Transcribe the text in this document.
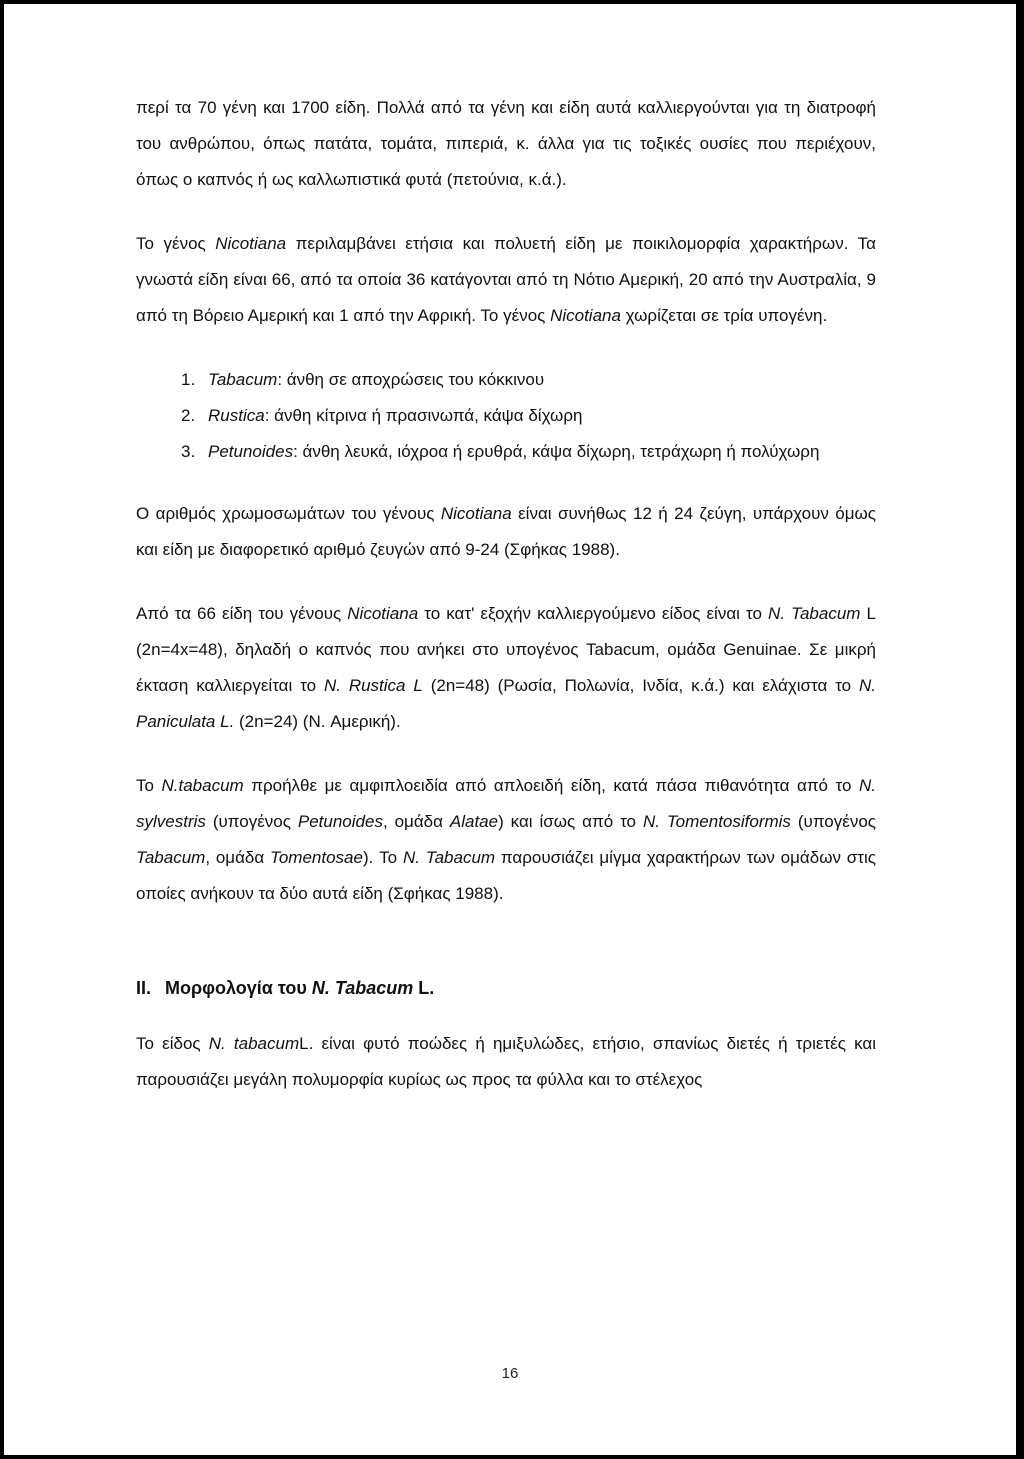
περί τα 70 γένη και 1700 είδη. Πολλά από τα γένη και είδη αυτά καλλιεργούνται για τη διατροφή του ανθρώπου, όπως πατάτα, τομάτα, πιπεριά, κ. άλλα για τις τοξικές ουσίες που περιέχουν, όπως ο καπνός ή ως καλλωπιστικά φυτά (πετούνια, κ.ά.).

Το γένος Nicotiana περιλαμβάνει ετήσια και πολυετή είδη με ποικιλομορφία χαρακτήρων. Τα γνωστά είδη είναι 66, από τα οποία 36 κατάγονται από τη Νότιο Αμερική, 20 από την Αυστραλία, 9 από τη Βόρειο Αμερική και 1 από την Αφρική. Το γένος Nicotiana χωρίζεται σε τρία υπογένη.

1. Tabacum: άνθη σε αποχρώσεις του κόκκινου
2. Rustica: άνθη κίτρινα ή πρασινωπά, κάψα δίχωρη
3. Petunoides: άνθη λευκά, ιόχροα ή ερυθρά, κάψα δίχωρη, τετράχωρη ή πολύχωρη

Ο αριθμός χρωμοσωμάτων του γένους Nicotiana είναι συνήθως 12 ή 24 ζεύγη, υπάρχουν όμως και είδη με διαφορετικό αριθμό ζευγών από 9-24 (Σφήκας 1988).

Από τα 66 είδη του γένους Nicotiana το κατ' εξοχήν καλλιεργούμενο είδος είναι το N. Tabacum L (2n=4x=48), δηλαδή ο καπνός που ανήκει στο υπογένος Tabacum, ομάδα Genuinae. Σε μικρή έκταση καλλιεργείται το N. Rustica L (2n=48) (Ρωσία, Πολωνία, Ινδία, κ.ά.) και ελάχιστα το N. Paniculata L. (2n=24) (N. Αμερική).

Το N.tabacum προήλθε με αμφιπλοειδία από απλοειδή είδη, κατά πάσα πιθανότητα από το N. sylvestris (υπογένος Petunoides, ομάδα Alatae) και ίσως από το N. Tomentosiformis (υπογένος Tabacum, ομάδα Tomentosae). Το N. Tabacum παρουσιάζει μίγμα χαρακτήρων των ομάδων στις οποίες ανήκουν τα δύο αυτά είδη (Σφήκας 1988).

II. Μορφολογία του N. Tabacum L.

Το είδος N. tabacumL. είναι φυτό ποώδες ή ημιξυλώδες, ετήσιο, σπανίως διετές ή τριετές και παρουσιάζει μεγάλη πολυμορφία κυρίως ως προς τα φύλλα και το στέλεχος

16
